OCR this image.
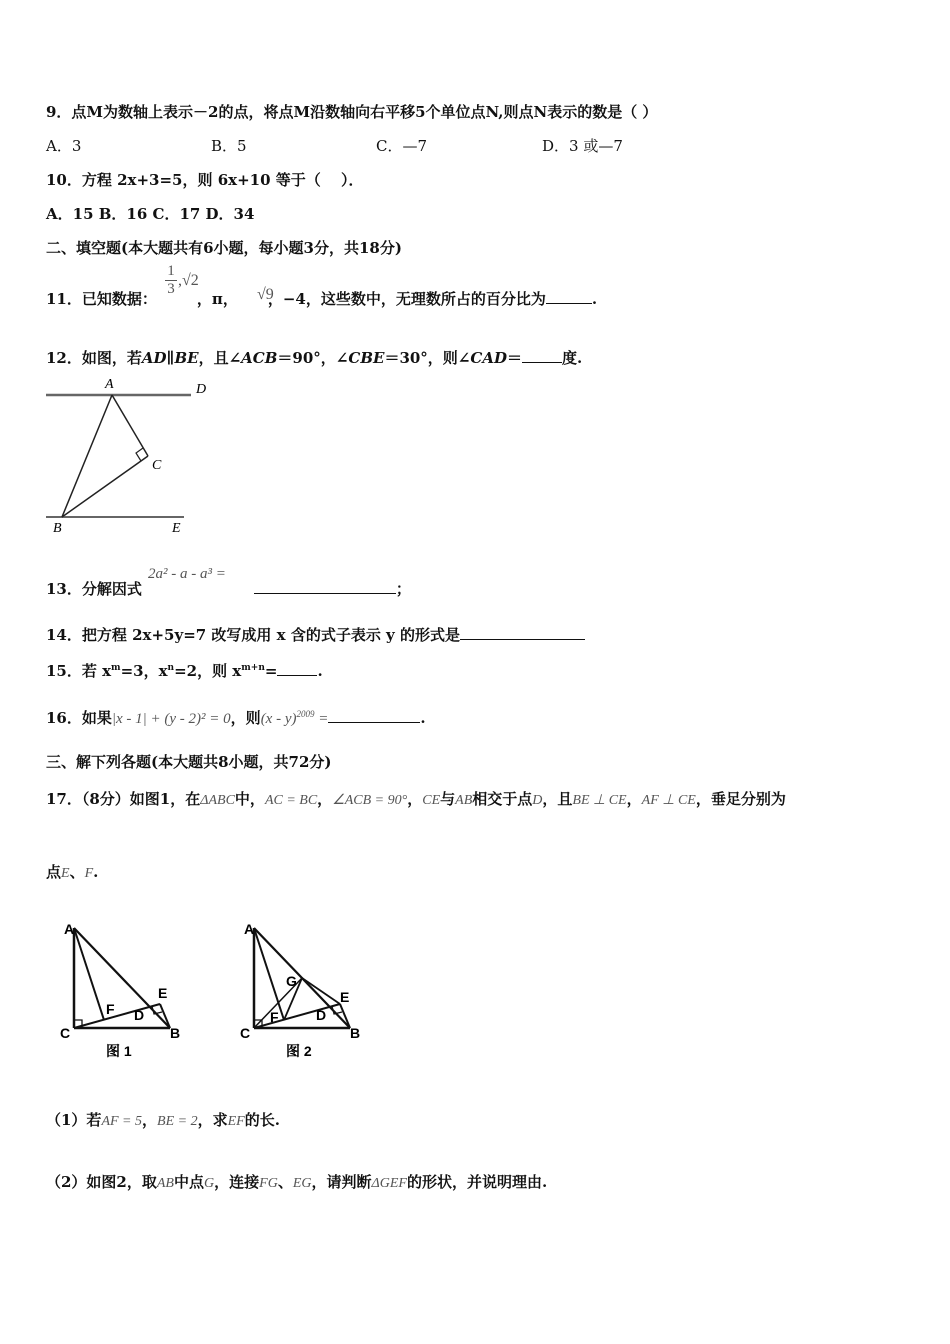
9．点M为数轴上表示－2的点，将点M沿数轴向右平移5个单位点N,则点N表示的数是（ ）
A．3	B．5	C．—7	D．3 或—7
10．方程 2x+3=5，则 6x+10 等于（　 ）．
A．15 B．16 C．17 D．34
二、填空题(本大题共有6小题，每小题3分，共18分)
11．已知数据：	，π， ，−4，这些数中，无理数所占的百分比为	.
$\frac{1}{3} ,√2$
√9
12．如图，若AD∥BE，且∠ACB＝90°，∠CBE＝30°，则∠CAD＝	度.
A	D
C
B	E
13．分解因式	；
2a² - a - a³ =
14．把方程 2x+5y=7 改写成用 x 含的式子表示 y 的形式是
15．若 $x^m=3$，$x^n=2$，则 $x^{m+n}=$	.
16．如果|x - 1| + (y - 2)² = 0，则(x - y)$^{2009}$ =	.
三、解下列各题(本大题共8小题，共72分)
17．（8分）如图1，在ΔABC中，AC = BC，∠ACB = 90°，CE与AB相交于点D，且BE ⊥ CE，AF ⊥ CE，垂足分别为
点E、F.
A
C	B
E
F D
图 1
A
C	B
E
F	D
G
图 2
（1）若AF = 5，BE = 2，求EF的长.
（2）如图2，取AB中点G，连接FG、EG，请判断ΔGEF的形状，并说明理由.
